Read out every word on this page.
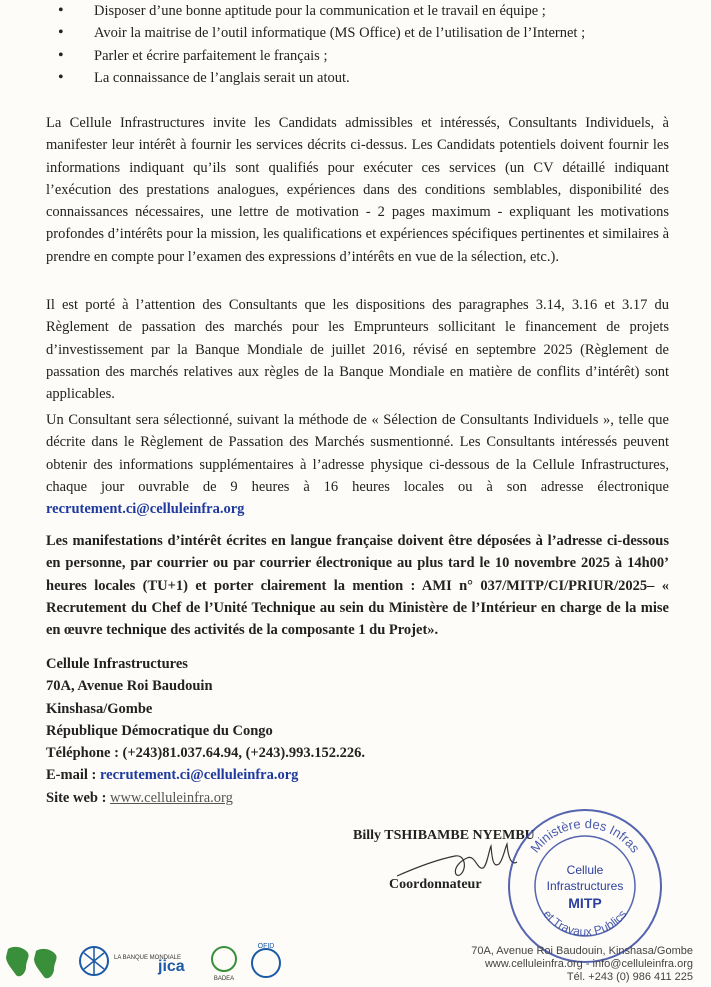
• Disposer d’une bonne aptitude pour la communication et le travail en équipe ;
• Avoir la maitrise de l’outil informatique (MS Office) et de l’utilisation de l’Internet ;
• Parler et écrire parfaitement le français ;
• La connaissance de l’anglais serait un atout.

La Cellule Infrastructures invite les Candidats admissibles et intéressés, Consultants Individuels, à manifester leur intérêt à fournir les services décrits ci-dessus. Les Candidats potentiels doivent fournir les informations indiquant qu’ils sont qualifiés pour exécuter ces services (un CV détaillé indiquant l’exécution des prestations analogues, expériences dans des conditions semblables, disponibilité des connaissances nécessaires, une lettre de motivation - 2 pages maximum - expliquant les motivations profondes d’intérêts pour la mission, les qualifications et expériences spécifiques pertinentes et similaires à prendre en compte pour l’examen des expressions d’intérêts en vue de la sélection, etc.).

Il est porté à l’attention des Consultants que les dispositions des paragraphes 3.14, 3.16 et 3.17 du Règlement de passation des marchés pour les Emprunteurs sollicitant le financement de projets d’investissement par la Banque Mondiale de juillet 2016, révisé en septembre 2025 (Règlement de passation des marchés relatives aux règles de la Banque Mondiale en matière de conflits d’intérêt) sont applicables.

Un Consultant sera sélectionné, suivant la méthode de « Sélection de Consultants Individuels », telle que décrite dans le Règlement de Passation des Marchés susmentionné. Les Consultants intéressés peuvent obtenir des informations supplémentaires à l’adresse physique ci-dessous de la Cellule Infrastructures, chaque jour ouvrable de 9 heures à 16 heures locales ou à son adresse électronique recrutement.ci@celluleinfra.org

Les manifestations d’intérêt écrites en langue française doivent être déposées à l’adresse ci-dessous en personne, par courrier ou par courrier électronique au plus tard le 10 novembre 2025 à 14h00’ heures locales (TU+1) et porter clairement la mention : AMI n° 037/MITP/CI/PRIUR/2025– « Recrutement du Chef de l’Unité Technique au sein du Ministère de l’Intérieur en charge de la mise en œuvre technique des activités de la composante 1 du Projet».

Cellule Infrastructures
70A, Avenue Roi Baudouin
Kinshasa/Gombe
République Démocratique du Congo
Téléphone : (+243)81.037.64.94, (+243).993.152.226.
E-mail : recrutement.ci@celluleinfra.org
Site web : www.celluleinfra.org
Billy TSHIBAMBE NYEMBU
Coordonnateur
Ministère des Infras
et Travaux Publics
Cellule
Infrastructures
MITP
LA BANQUE MONDIALE
jica
BADEA
OFID	70A, Avenue Roi Baudouin, Kinshasa/Gombe
www.celluleinfra.org - info@celluleinfra.org
Tél. +243 (0) 986 411 225
